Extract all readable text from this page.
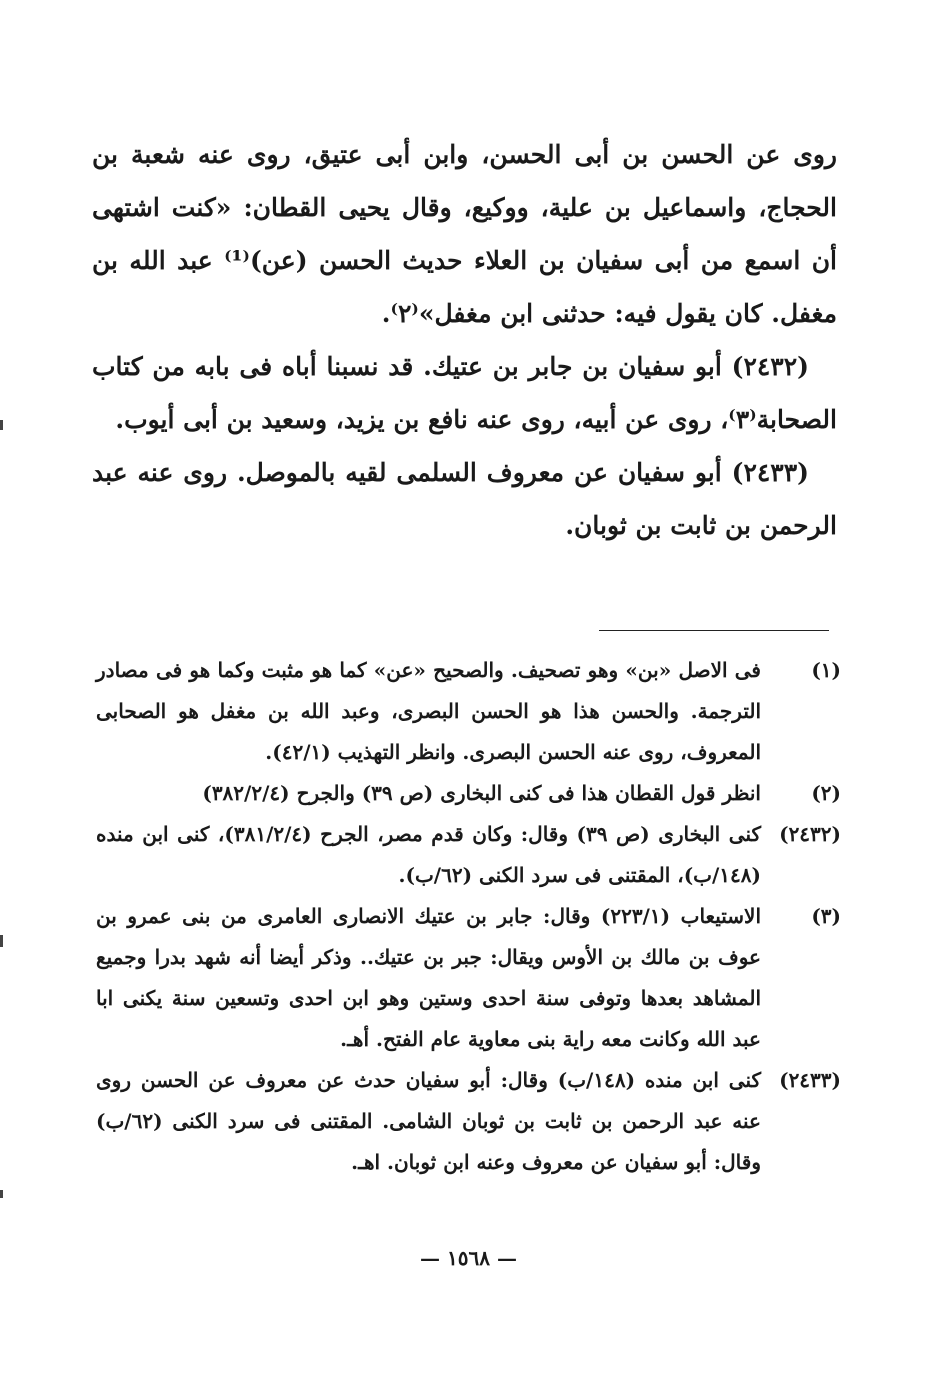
روى عن الحسن بن أبى الحسن، وابن أبى عتيق، روى عنه شعبة بن الحجاج، واسماعيل بن علية، ووكيع، وقال يحيى القطان: «كنت اشتهى أن اسمع من أبى سفيان بن العلاء حديث الحسن (عن)⁽¹⁾ عبد الله بن مغفل. كان يقول فيه: حدثنى ابن مغفل»⁽٢⁾.

(٢٤٣٢) أبو سفيان بن جابر بن عتيك. قد نسبنا أباه فى بابه من كتاب الصحابة⁽٣⁾، روى عن أبيه، روى عنه نافع بن يزيد، وسعيد بن أبى أيوب.

(٢٤٣٣) أبو سفيان عن معروف السلمى لقيه بالموصل. روى عنه عبد الرحمن بن ثابت بن ثوبان.

(١)
فى الاصل «بن» وهو تصحيف. والصحيح «عن» كما هو مثبت وكما هو فى مصادر الترجمة. والحسن هذا هو الحسن البصرى، وعبد الله بن مغفل هو الصحابى المعروف، روى عنه الحسن البصرى. وانظر التهذيب (٤٢/١).
(٢)
انظر قول القطان هذا فى كنى البخارى (ص ٣٩) والجرح (٣٨٢/٢/٤)
(٢٤٣٢)
كنى البخارى (ص ٣٩) وقال: وكان قدم مصر، الجرح (٣٨١/٢/٤)، كنى ابن منده (١٤٨/ب)، المقتنى فى سرد الكنى (٦٢/ب).
(٣)
الاستيعاب (٢٢٣/١) وقال: جابر بن عتيك الانصارى العامرى من بنى عمرو بن عوف بن مالك بن الأوس ويقال: جبر بن عتيك.. وذكر أيضا أنه شهد بدرا وجميع المشاهد بعدها وتوفى سنة احدى وستين وهو ابن احدى وتسعين سنة يكنى ابا عبد الله وكانت معه راية بنى معاوية عام الفتح. أهـ.
(٢٤٣٣)
كنى ابن منده (١٤٨/ب) وقال: أبو سفيان حدث عن معروف عن الحسن روى عنه عبد الرحمن بن ثابت بن ثوبان الشامى. المقتنى فى سرد الكنى (٦٢/ب) وقال: أبو سفيان عن معروف وعنه ابن ثوبان. اهـ.
— ١٥٦٨ —
